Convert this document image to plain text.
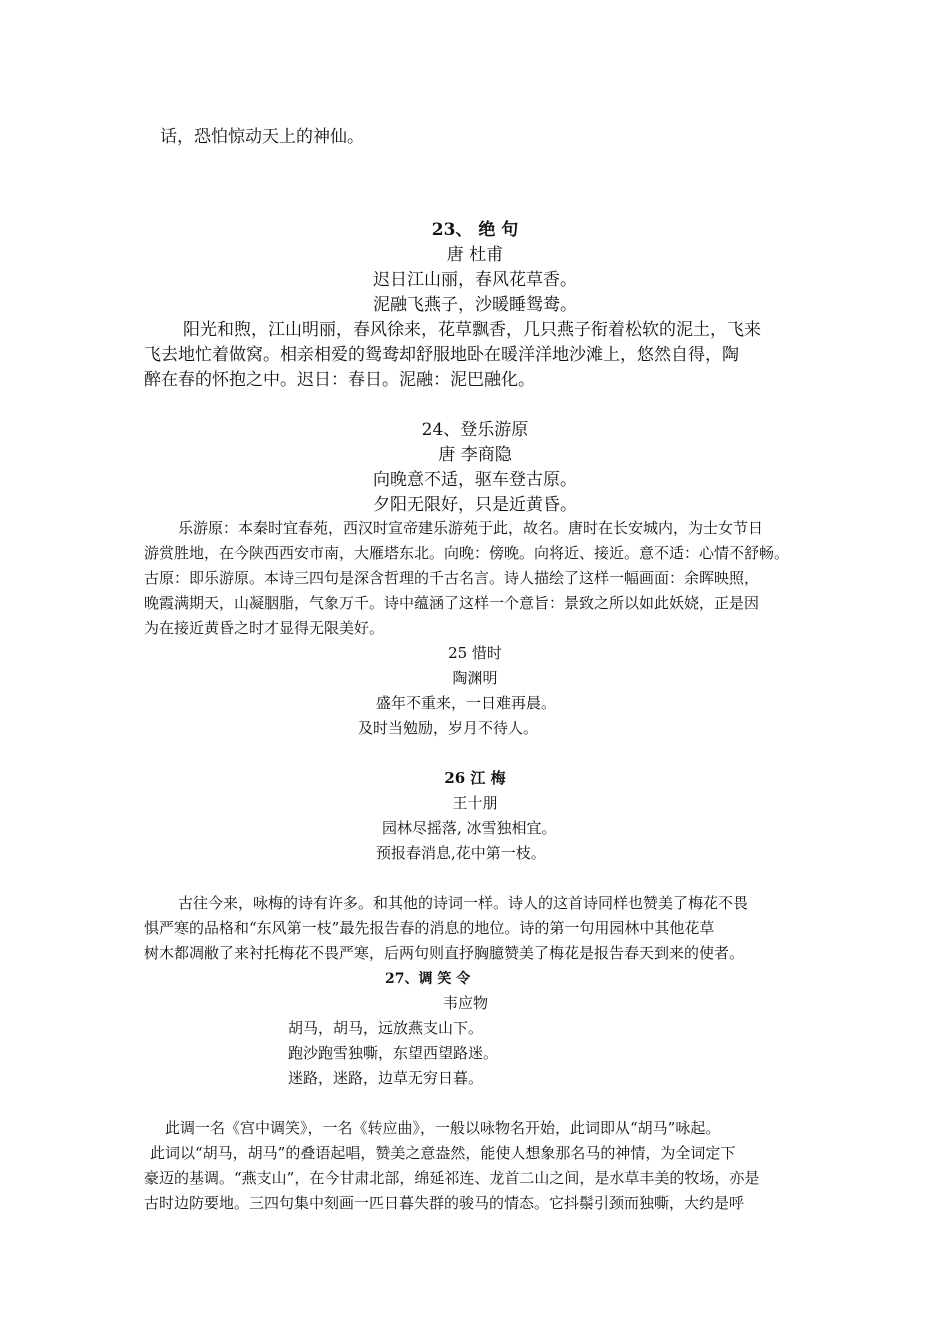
话，恐怕惊动天上的神仙。
23、 绝 句
唐 杜甫
迟日江山丽，春风花草香。
泥融飞燕子，沙暖睡鸳鸯。
阳光和煦，江山明丽，春风徐来，花草飘香，几只燕子衔着松软的泥土，飞来
飞去地忙着做窝。相亲相爱的鸳鸯却舒服地卧在暖洋洋地沙滩上，悠然自得，陶
醉在春的怀抱之中。迟日：春日。泥融：泥巴融化。
24、登乐游原
唐 李商隐
向晚意不适，驱车登古原。
夕阳无限好，只是近黄昏。
乐游原：本秦时宜春苑，西汉时宣帝建乐游苑于此，故名。唐时在长安城内，为士女节日
游赏胜地，在今陕西西安市南，大雁塔东北。向晚：傍晚。向将近、接近。意不适：心情不舒畅。
古原：即乐游原。本诗三四句是深含哲理的千古名言。诗人描绘了这样一幅画面：余晖映照，
晚霞满期天，山凝胭脂，气象万千。诗中蕴涵了这样一个意旨：景致之所以如此妖娆，正是因
为在接近黄昏之时才显得无限美好。
25 惜时
陶渊明
盛年不重来，一日难再晨。
及时当勉励，岁月不待人。
26 江 梅
王十朋
园林尽摇落, 冰雪独相宜。
预报春消息,花中第一枝。
古往今来，咏梅的诗有许多。和其他的诗词一样。诗人的这首诗同样也赞美了梅花不畏
惧严寒的品格和“东风第一枝”最先报告春的消息的地位。诗的第一句用园林中其他花草
树木都凋敝了来衬托梅花不畏严寒，后两句则直抒胸臆赞美了梅花是报告春天到来的使者。
27、调 笑 令
韦应物
胡马，胡马，远放燕支山下。
跑沙跑雪独嘶，东望西望路迷。
迷路，迷路，边草无穷日暮。
此调一名《宫中调笑》，一名《转应曲》，一般以咏物名开始，此词即从“胡马”咏起。
此词以“胡马，胡马”的叠语起唱，赞美之意盎然，能使人想象那名马的神情，为全词定下
豪迈的基调。“燕支山”，在今甘肃北部，绵延祁连、龙首二山之间，是水草丰美的牧场，亦是
古时边防要地。三四句集中刻画一匹日暮失群的骏马的情态。它抖鬃引颈而独嘶，大约是呼
